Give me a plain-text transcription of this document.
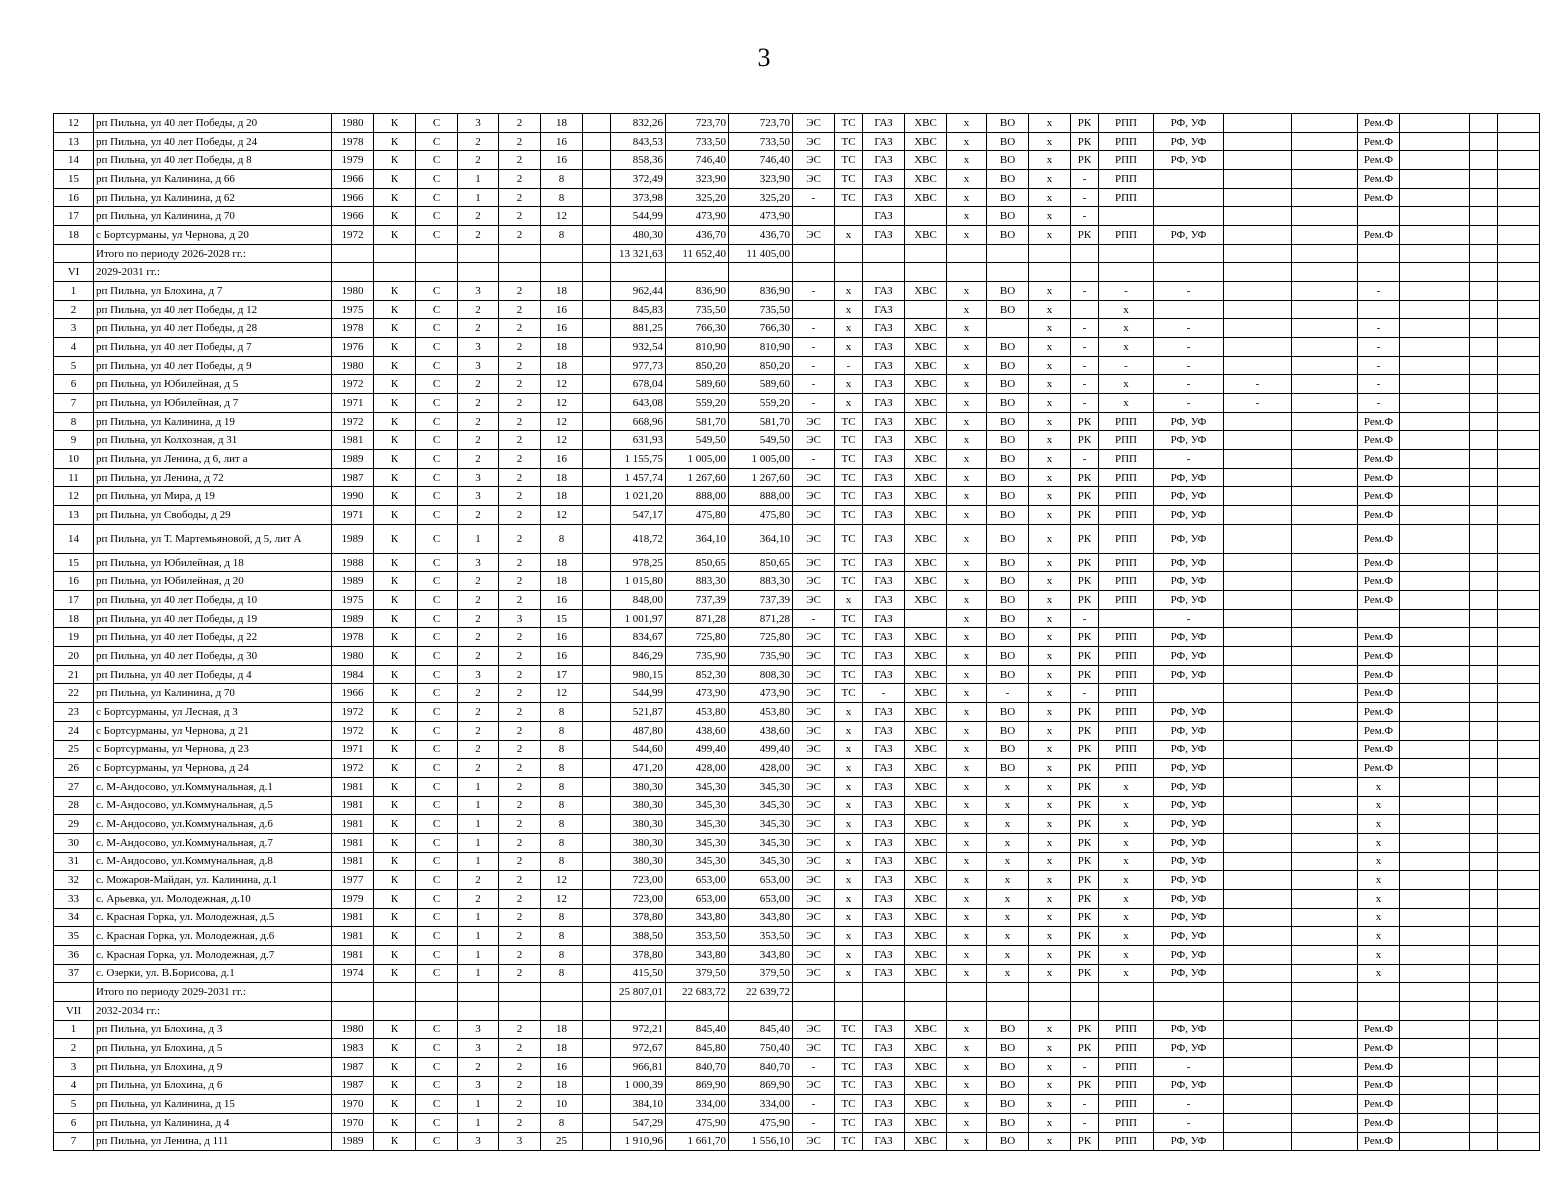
3
12	рп Пильна, ул 40 лет Победы, д 20	1980	К	С	3	2	18		832,26	723,70	723,70	ЭС	ТС	ГАЗ	ХВС	х	ВО	х	РК	РПП	РФ, УФ			Рем.Ф			
13	рп Пильна, ул 40 лет Победы, д 24	1978	К	С	2	2	16		843,53	733,50	733,50	ЭС	ТС	ГАЗ	ХВС	х	ВО	х	РК	РПП	РФ, УФ			Рем.Ф			
14	рп Пильна, ул 40 лет Победы, д 8	1979	К	С	2	2	16		858,36	746,40	746,40	ЭС	ТС	ГАЗ	ХВС	х	ВО	х	РК	РПП	РФ, УФ			Рем.Ф			
15	рп Пильна, ул Калинина, д 66	1966	К	С	1	2	8		372,49	323,90	323,90	ЭС	ТС	ГАЗ	ХВС	х	ВО	х	-	РПП				Рем.Ф			
16	рп Пильна, ул Калинина, д 62	1966	К	С	1	2	8		373,98	325,20	325,20	-	ТС	ГАЗ	ХВС	х	ВО	х	-	РПП				Рем.Ф			
17	рп Пильна, ул Калинина, д 70	1966	К	С	2	2	12		544,99	473,90	473,90			ГАЗ		х	ВО	х	-								
18	с Бортсурманы, ул Чернова, д 20	1972	К	С	2	2	8		480,30	436,70	436,70	ЭС	х	ГАЗ	ХВС	х	ВО	х	РК	РПП	РФ, УФ			Рем.Ф			
	Итого по периоду 2026-2028 гг.:								13 321,63	11 652,40	11 405,00																
VI	2029-2031 гг.:																										
1	рп Пильна, ул Блохина, д 7	1980	К	С	3	2	18		962,44	836,90	836,90	-	х	ГАЗ	ХВС	х	ВО	х	-	-	-			-			
2	рп Пильна, ул 40 лет Победы, д 12	1975	К	С	2	2	16		845,83	735,50	735,50		х	ГАЗ		х	ВО	х		х							
3	рп Пильна, ул 40 лет Победы, д 28	1978	К	С	2	2	16		881,25	766,30	766,30	-	х	ГАЗ	ХВС	х		х	-	х	-			-			
4	рп Пильна, ул 40 лет Победы, д 7	1976	К	С	3	2	18		932,54	810,90	810,90	-	х	ГАЗ	ХВС	х	ВО	х	-	х	-			-			
5	рп Пильна, ул 40 лет Победы, д 9	1980	К	С	3	2	18		977,73	850,20	850,20	-	-	ГАЗ	ХВС	х	ВО	х	-	-	-			-			
6	рп Пильна, ул Юбилейная, д 5	1972	К	С	2	2	12		678,04	589,60	589,60	-	х	ГАЗ	ХВС	х	ВО	х	-	х	-	-		-			
7	рп Пильна, ул Юбилейная, д 7	1971	К	С	2	2	12		643,08	559,20	559,20	-	х	ГАЗ	ХВС	х	ВО	х	-	х	-	-		-			
8	рп Пильна, ул Калинина, д 19	1972	К	С	2	2	12		668,96	581,70	581,70	ЭС	ТС	ГАЗ	ХВС	х	ВО	х	РК	РПП	РФ, УФ			Рем.Ф			
9	рп Пильна, ул Колхозная, д 31	1981	К	С	2	2	12		631,93	549,50	549,50	ЭС	ТС	ГАЗ	ХВС	х	ВО	х	РК	РПП	РФ, УФ			Рем.Ф			
10	рп Пильна, ул Ленина, д 6, лит а	1989	К	С	2	2	16		1 155,75	1 005,00	1 005,00	-	ТС	ГАЗ	ХВС	х	ВО	х	-	РПП	-			Рем.Ф			
11	рп Пильна, ул Ленина, д 72	1987	К	С	3	2	18		1 457,74	1 267,60	1 267,60	ЭС	ТС	ГАЗ	ХВС	х	ВО	х	РК	РПП	РФ, УФ			Рем.Ф			
12	рп Пильна, ул Мира, д 19	1990	К	С	3	2	18		1 021,20	888,00	888,00	ЭС	ТС	ГАЗ	ХВС	х	ВО	х	РК	РПП	РФ, УФ			Рем.Ф			
13	рп Пильна, ул Свободы, д 29	1971	К	С	2	2	12		547,17	475,80	475,80	ЭС	ТС	ГАЗ	ХВС	х	ВО	х	РК	РПП	РФ, УФ			Рем.Ф			
14	рп Пильна, ул Т. Мартемьяновой, д 5, лит А	1989	К	С	1	2	8		418,72	364,10	364,10	ЭС	ТС	ГАЗ	ХВС	х	ВО	х	РК	РПП	РФ, УФ			Рем.Ф			
15	рп Пильна, ул Юбилейная, д 18	1988	К	С	3	2	18		978,25	850,65	850,65	ЭС	ТС	ГАЗ	ХВС	х	ВО	х	РК	РПП	РФ, УФ			Рем.Ф			
16	рп Пильна, ул Юбилейная, д 20	1989	К	С	2	2	18		1 015,80	883,30	883,30	ЭС	ТС	ГАЗ	ХВС	х	ВО	х	РК	РПП	РФ, УФ			Рем.Ф			
17	рп Пильна, ул 40 лет Победы, д 10	1975	К	С	2	2	16		848,00	737,39	737,39	ЭС	х	ГАЗ	ХВС	х	ВО	х	РК	РПП	РФ, УФ			Рем.Ф			
18	рп Пильна, ул 40 лет Победы, д 19	1989	К	С	2	3	15		1 001,97	871,28	871,28	-	ТС	ГАЗ		х	ВО	х	-		-						
19	рп Пильна, ул 40 лет Победы, д 22	1978	К	С	2	2	16		834,67	725,80	725,80	ЭС	ТС	ГАЗ	ХВС	х	ВО	х	РК	РПП	РФ, УФ			Рем.Ф			
20	рп Пильна, ул 40 лет Победы, д 30	1980	К	С	2	2	16		846,29	735,90	735,90	ЭС	ТС	ГАЗ	ХВС	х	ВО	х	РК	РПП	РФ, УФ			Рем.Ф			
21	рп Пильна, ул 40 лет Победы, д 4	1984	К	С	3	2	17		980,15	852,30	808,30	ЭС	ТС	ГАЗ	ХВС	х	ВО	х	РК	РПП	РФ, УФ			Рем.Ф			
22	рп Пильна, ул Калинина, д 70	1966	К	С	2	2	12		544,99	473,90	473,90	ЭС	ТС	-	ХВС	х	-	х	-	РПП				Рем.Ф			
23	с Бортсурманы, ул Лесная, д 3	1972	К	С	2	2	8		521,87	453,80	453,80	ЭС	х	ГАЗ	ХВС	х	ВО	х	РК	РПП	РФ, УФ			Рем.Ф			
24	с Бортсурманы, ул Чернова, д 21	1972	К	С	2	2	8		487,80	438,60	438,60	ЭС	х	ГАЗ	ХВС	х	ВО	х	РК	РПП	РФ, УФ			Рем.Ф			
25	с Бортсурманы, ул Чернова, д 23	1971	К	С	2	2	8		544,60	499,40	499,40	ЭС	х	ГАЗ	ХВС	х	ВО	х	РК	РПП	РФ, УФ			Рем.Ф			
26	с Бортсурманы, ул Чернова, д 24	1972	К	С	2	2	8		471,20	428,00	428,00	ЭС	х	ГАЗ	ХВС	х	ВО	х	РК	РПП	РФ, УФ			Рем.Ф			
27	с. М-Андосово, ул.Коммунальная, д.1	1981	К	С	1	2	8		380,30	345,30	345,30	ЭС	х	ГАЗ	ХВС	х	х	х	РК	х	РФ, УФ			х			
28	с. М-Андосово, ул.Коммунальная, д.5	1981	К	С	1	2	8		380,30	345,30	345,30	ЭС	х	ГАЗ	ХВС	х	х	х	РК	х	РФ, УФ			х			
29	с. М-Андосово, ул.Коммунальная, д.6	1981	К	С	1	2	8		380,30	345,30	345,30	ЭС	х	ГАЗ	ХВС	х	х	х	РК	х	РФ, УФ			х			
30	с. М-Андосово, ул.Коммунальная, д.7	1981	К	С	1	2	8		380,30	345,30	345,30	ЭС	х	ГАЗ	ХВС	х	х	х	РК	х	РФ, УФ			х			
31	с. М-Андосово, ул.Коммунальная, д.8	1981	К	С	1	2	8		380,30	345,30	345,30	ЭС	х	ГАЗ	ХВС	х	х	х	РК	х	РФ, УФ			х			
32	с. Можаров-Майдан, ул. Калинина, д.1	1977	К	С	2	2	12		723,00	653,00	653,00	ЭС	х	ГАЗ	ХВС	х	х	х	РК	х	РФ, УФ			х			
33	с. Арьевка, ул. Молодежная, д.10	1979	К	С	2	2	12		723,00	653,00	653,00	ЭС	х	ГАЗ	ХВС	х	х	х	РК	х	РФ, УФ			х			
34	с. Красная Горка, ул. Молодежная, д.5	1981	К	С	1	2	8		378,80	343,80	343,80	ЭС	х	ГАЗ	ХВС	х	х	х	РК	х	РФ, УФ			х			
35	с. Красная Горка, ул. Молодежная, д.6	1981	К	С	1	2	8		388,50	353,50	353,50	ЭС	х	ГАЗ	ХВС	х	х	х	РК	х	РФ, УФ			х			
36	с. Красная Горка, ул. Молодежная, д.7	1981	К	С	1	2	8		378,80	343,80	343,80	ЭС	х	ГАЗ	ХВС	х	х	х	РК	х	РФ, УФ			х			
37	с. Озерки, ул. В.Борисова, д.1	1974	К	С	1	2	8		415,50	379,50	379,50	ЭС	х	ГАЗ	ХВС	х	х	х	РК	х	РФ, УФ			х			
	Итого по периоду 2029-2031 гг.:								25 807,01	22 683,72	22 639,72																
VII	2032-2034 гг.:																										
1	рп Пильна, ул Блохина, д 3	1980	К	С	3	2	18		972,21	845,40	845,40	ЭС	ТС	ГАЗ	ХВС	х	ВО	х	РК	РПП	РФ, УФ			Рем.Ф			
2	рп Пильна, ул Блохина, д 5	1983	К	С	3	2	18		972,67	845,80	750,40	ЭС	ТС	ГАЗ	ХВС	х	ВО	х	РК	РПП	РФ, УФ			Рем.Ф			
3	рп Пильна, ул Блохина, д 9	1987	К	С	2	2	16		966,81	840,70	840,70	-	ТС	ГАЗ	ХВС	х	ВО	х	-	РПП	-			Рем.Ф			
4	рп Пильна, ул Блохина, д 6	1987	К	С	3	2	18		1 000,39	869,90	869,90	ЭС	ТС	ГАЗ	ХВС	х	ВО	х	РК	РПП	РФ, УФ			Рем.Ф			
5	рп Пильна, ул Калинина, д 15	1970	К	С	1	2	10		384,10	334,00	334,00	-	ТС	ГАЗ	ХВС	х	ВО	х	-	РПП	-			Рем.Ф			
6	рп Пильна, ул Калинина, д 4	1970	К	С	1	2	8		547,29	475,90	475,90	-	ТС	ГАЗ	ХВС	х	ВО	х	-	РПП	-			Рем.Ф			
7	рп Пильна, ул Ленина, д 111	1989	К	С	3	3	25		1 910,96	1 661,70	1 556,10	ЭС	ТС	ГАЗ	ХВС	х	ВО	х	РК	РПП	РФ, УФ			Рем.Ф			
